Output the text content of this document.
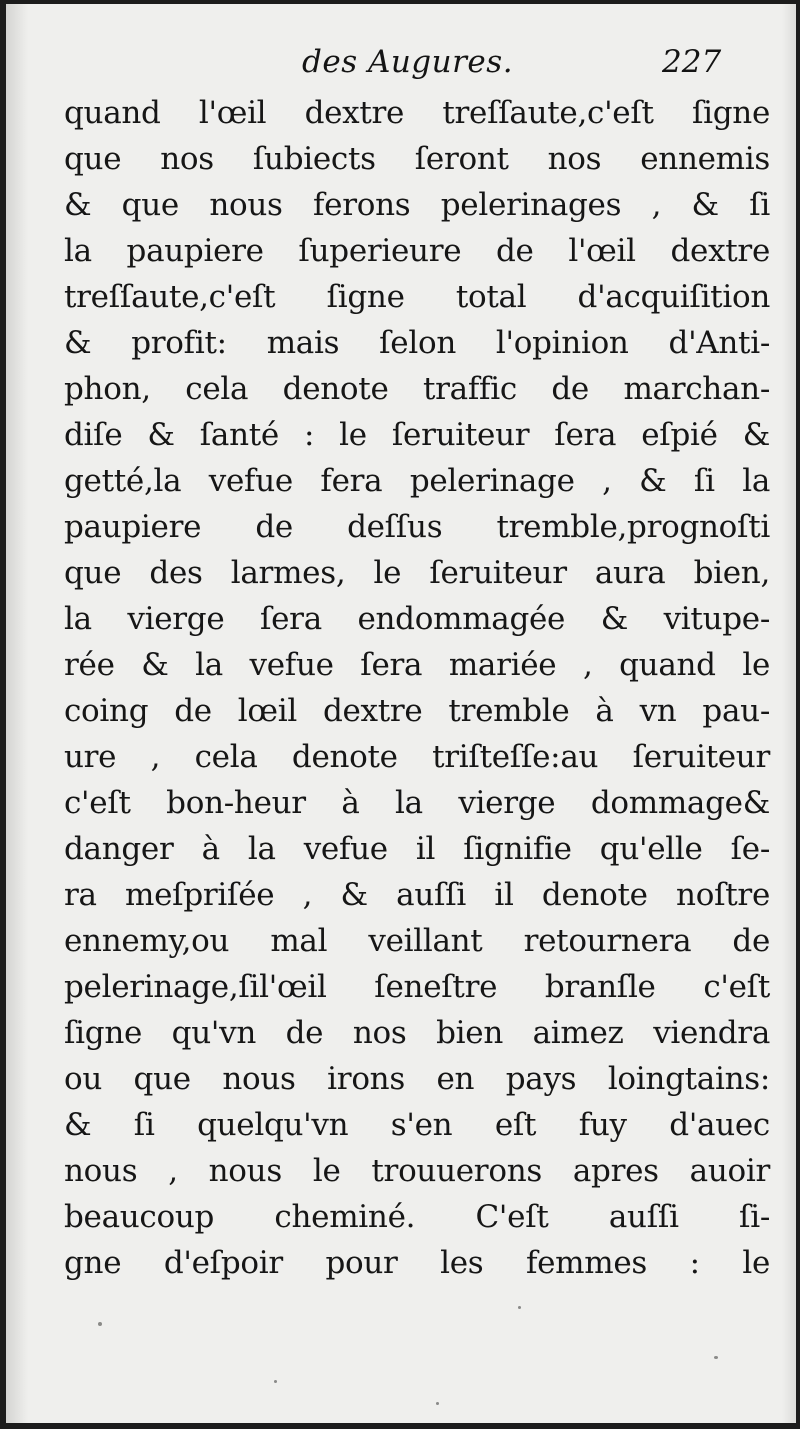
des Augures.	227
quand l'œil dextre treſſaute,c'eſt ſigne
que nos ſubiects ſeront nos ennemis
& que nous ferons pelerinages , & ſi
la paupiere ſuperieure de l'œil dextre
treſſaute,c'eſt ſigne total d'acquiſition
& profit: mais ſelon l'opinion d'Anti-
phon, cela denote traffic de marchan-
diſe & ſanté : le ſeruiteur ſera eſpié &
getté,la vefue fera pelerinage , & ſi la
paupiere de deſſus tremble,prognoſti
que des larmes, le ſeruiteur aura bien,
la vierge ſera endommagée & vitupe-
rée & la vefue ſera mariée , quand le
coing de lœil dextre tremble à vn pau-
ure , cela denote triſteſſe:au ſeruiteur
c'eſt bon-heur à la vierge dommage&
danger à la vefue il ſignifie qu'elle ſe-
ra meſpriſée , & auſſi il denote noſtre
ennemy,ou mal veillant retournera de
pelerinage,ſil'œil ſeneſtre branſle c'eſt
ſigne qu'vn de nos bien aimez viendra
ou que nous irons en pays loingtains:
& ſi quelqu'vn s'en eſt fuy d'auec
nous , nous le trouuerons apres auoir
beaucoup cheminé. C'eſt auſſi ſi-
gne d'eſpoir pour les femmes : le
